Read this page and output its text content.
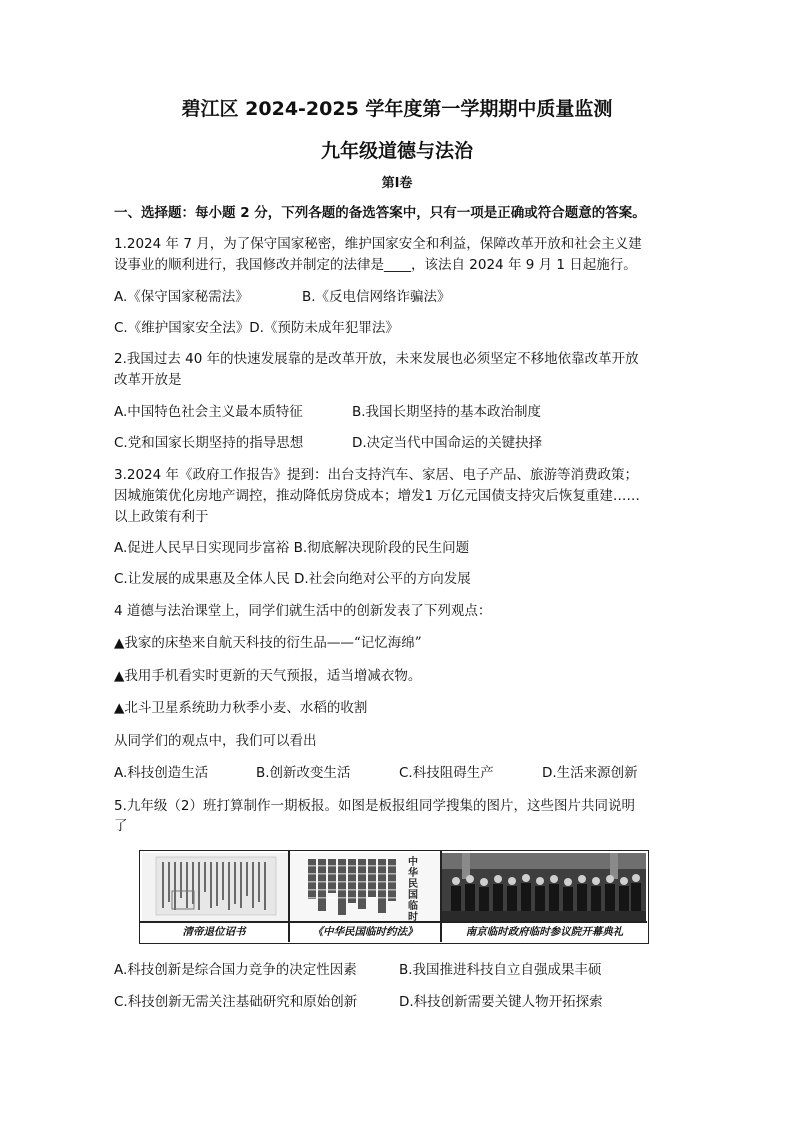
碧江区 2024-2025 学年度第一学期期中质量监测
九年级道德与法治
第Ⅰ卷
一、选择题：每小题 2 分，下列各题的备选答案中，只有一项是正确或符合题意的答案。
1.2024 年 7 月，为了保守国家秘密，维护国家安全和利益，保障改革开放和社会主义建
设事业的顺利进行，我国修改并制定的法律是____，该法自 2024 年 9 月 1 日起施行。
A.《保守国家秘需法》	B.《反电信网络诈骗法》
C.《维护国家安全法》D.《预防未成年犯罪法》
2.我国过去 40 年的快速发展靠的是改革开放，未来发展也必须坚定不移地依靠改革开放
改革开放是
A.中国特色社会主义最本质特征	B.我国长期坚持的基本政治制度
C.党和国家长期坚持的指导思想	D.决定当代中国命运的关键抉择
3.2024 年《政府工作报告》提到：出台支持汽车、家居、电子产品、旅游等消费政策；
因城施策优化房地产调控，推动降低房贷成本；增发1 万亿元国债支持灾后恢复重建……
以上政策有利于
A.促进人民早日实现同步富裕 B.彻底解决现阶段的民生问题
C.让发展的成果惠及全体人民 D.社会向绝对公平的方向发展
4 道德与法治课堂上，同学们就生活中的创新发表了下列观点：
▲我家的床垫来自航天科技的衍生品——“记忆海绵”
▲我用手机看实时更新的天气预报，适当增减衣物。
▲北斗卫星系统助力秋季小麦、水稻的收割
从同学们的观点中，我们可以看出
A.科技创造生活	B.创新改变生活	C.科技阻碍生产	D.生活来源创新
5.九年级（2）班打算制作一期板报。如图是板报组同学搜集的图片，这些图片共同说明
了
中华民国临时
清帝退位诏书	《中华民国临时约法》	南京临时政府临时参议院开幕典礼
A.科技创新是综合国力竞争的决定性因素	B.我国推进科技自立自强成果丰硕
C.科技创新无需关注基础研究和原始创新	D.科技创新需要关键人物开拓探索
